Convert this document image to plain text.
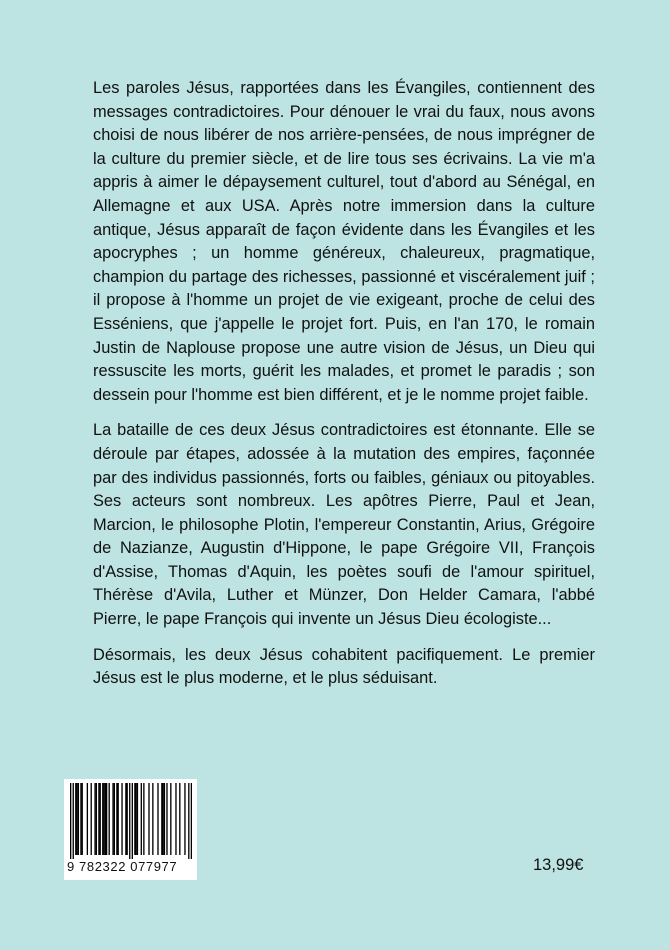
Les paroles Jésus, rapportées dans les Évangiles, contiennent des messages contradictoires. Pour dénouer le vrai du faux, nous avons choisi de nous libérer de nos arrière-pensées, de nous imprégner de la culture du premier siècle, et de lire tous ses écrivains. La vie m'a appris à aimer le dépaysement culturel, tout d'abord au Sénégal, en Allemagne et aux USA. Après notre immersion dans la culture antique, Jésus apparaît de façon évidente dans les Évangiles et les apocryphes ; un homme généreux, chaleureux, pragmatique, champion du partage des richesses, passionné et viscéralement juif ; il propose à l'homme un projet de vie exigeant, proche de celui des Esséniens, que j'appelle le projet fort. Puis, en l'an 170, le romain Justin de Naplouse propose une autre vision de Jésus, un Dieu qui ressuscite les morts, guérit les malades, et promet le paradis ; son dessein pour l'homme est bien différent, et je le nomme projet faible.

La bataille de ces deux Jésus contradictoires est étonnante. Elle se déroule par étapes, adossée à la mutation des empires, façonnée par des individus passionnés, forts ou faibles, géniaux ou pitoyables. Ses acteurs sont nombreux. Les apôtres Pierre, Paul et Jean, Marcion, le philosophe Plotin, l'empereur Constantin, Arius, Grégoire de Nazianze, Augustin d'Hippone, le pape Grégoire VII, François d'Assise, Thomas d'Aquin, les poètes soufi de l'amour spirituel, Thérèse d'Avila, Luther et Münzer, Don Helder Camara, l'abbé Pierre, le pape François qui invente un Jésus Dieu écologiste...

Désormais, les deux Jésus cohabitent pacifiquement. Le premier Jésus est le plus moderne, et le plus séduisant.

9 782322 077977	13,99€
